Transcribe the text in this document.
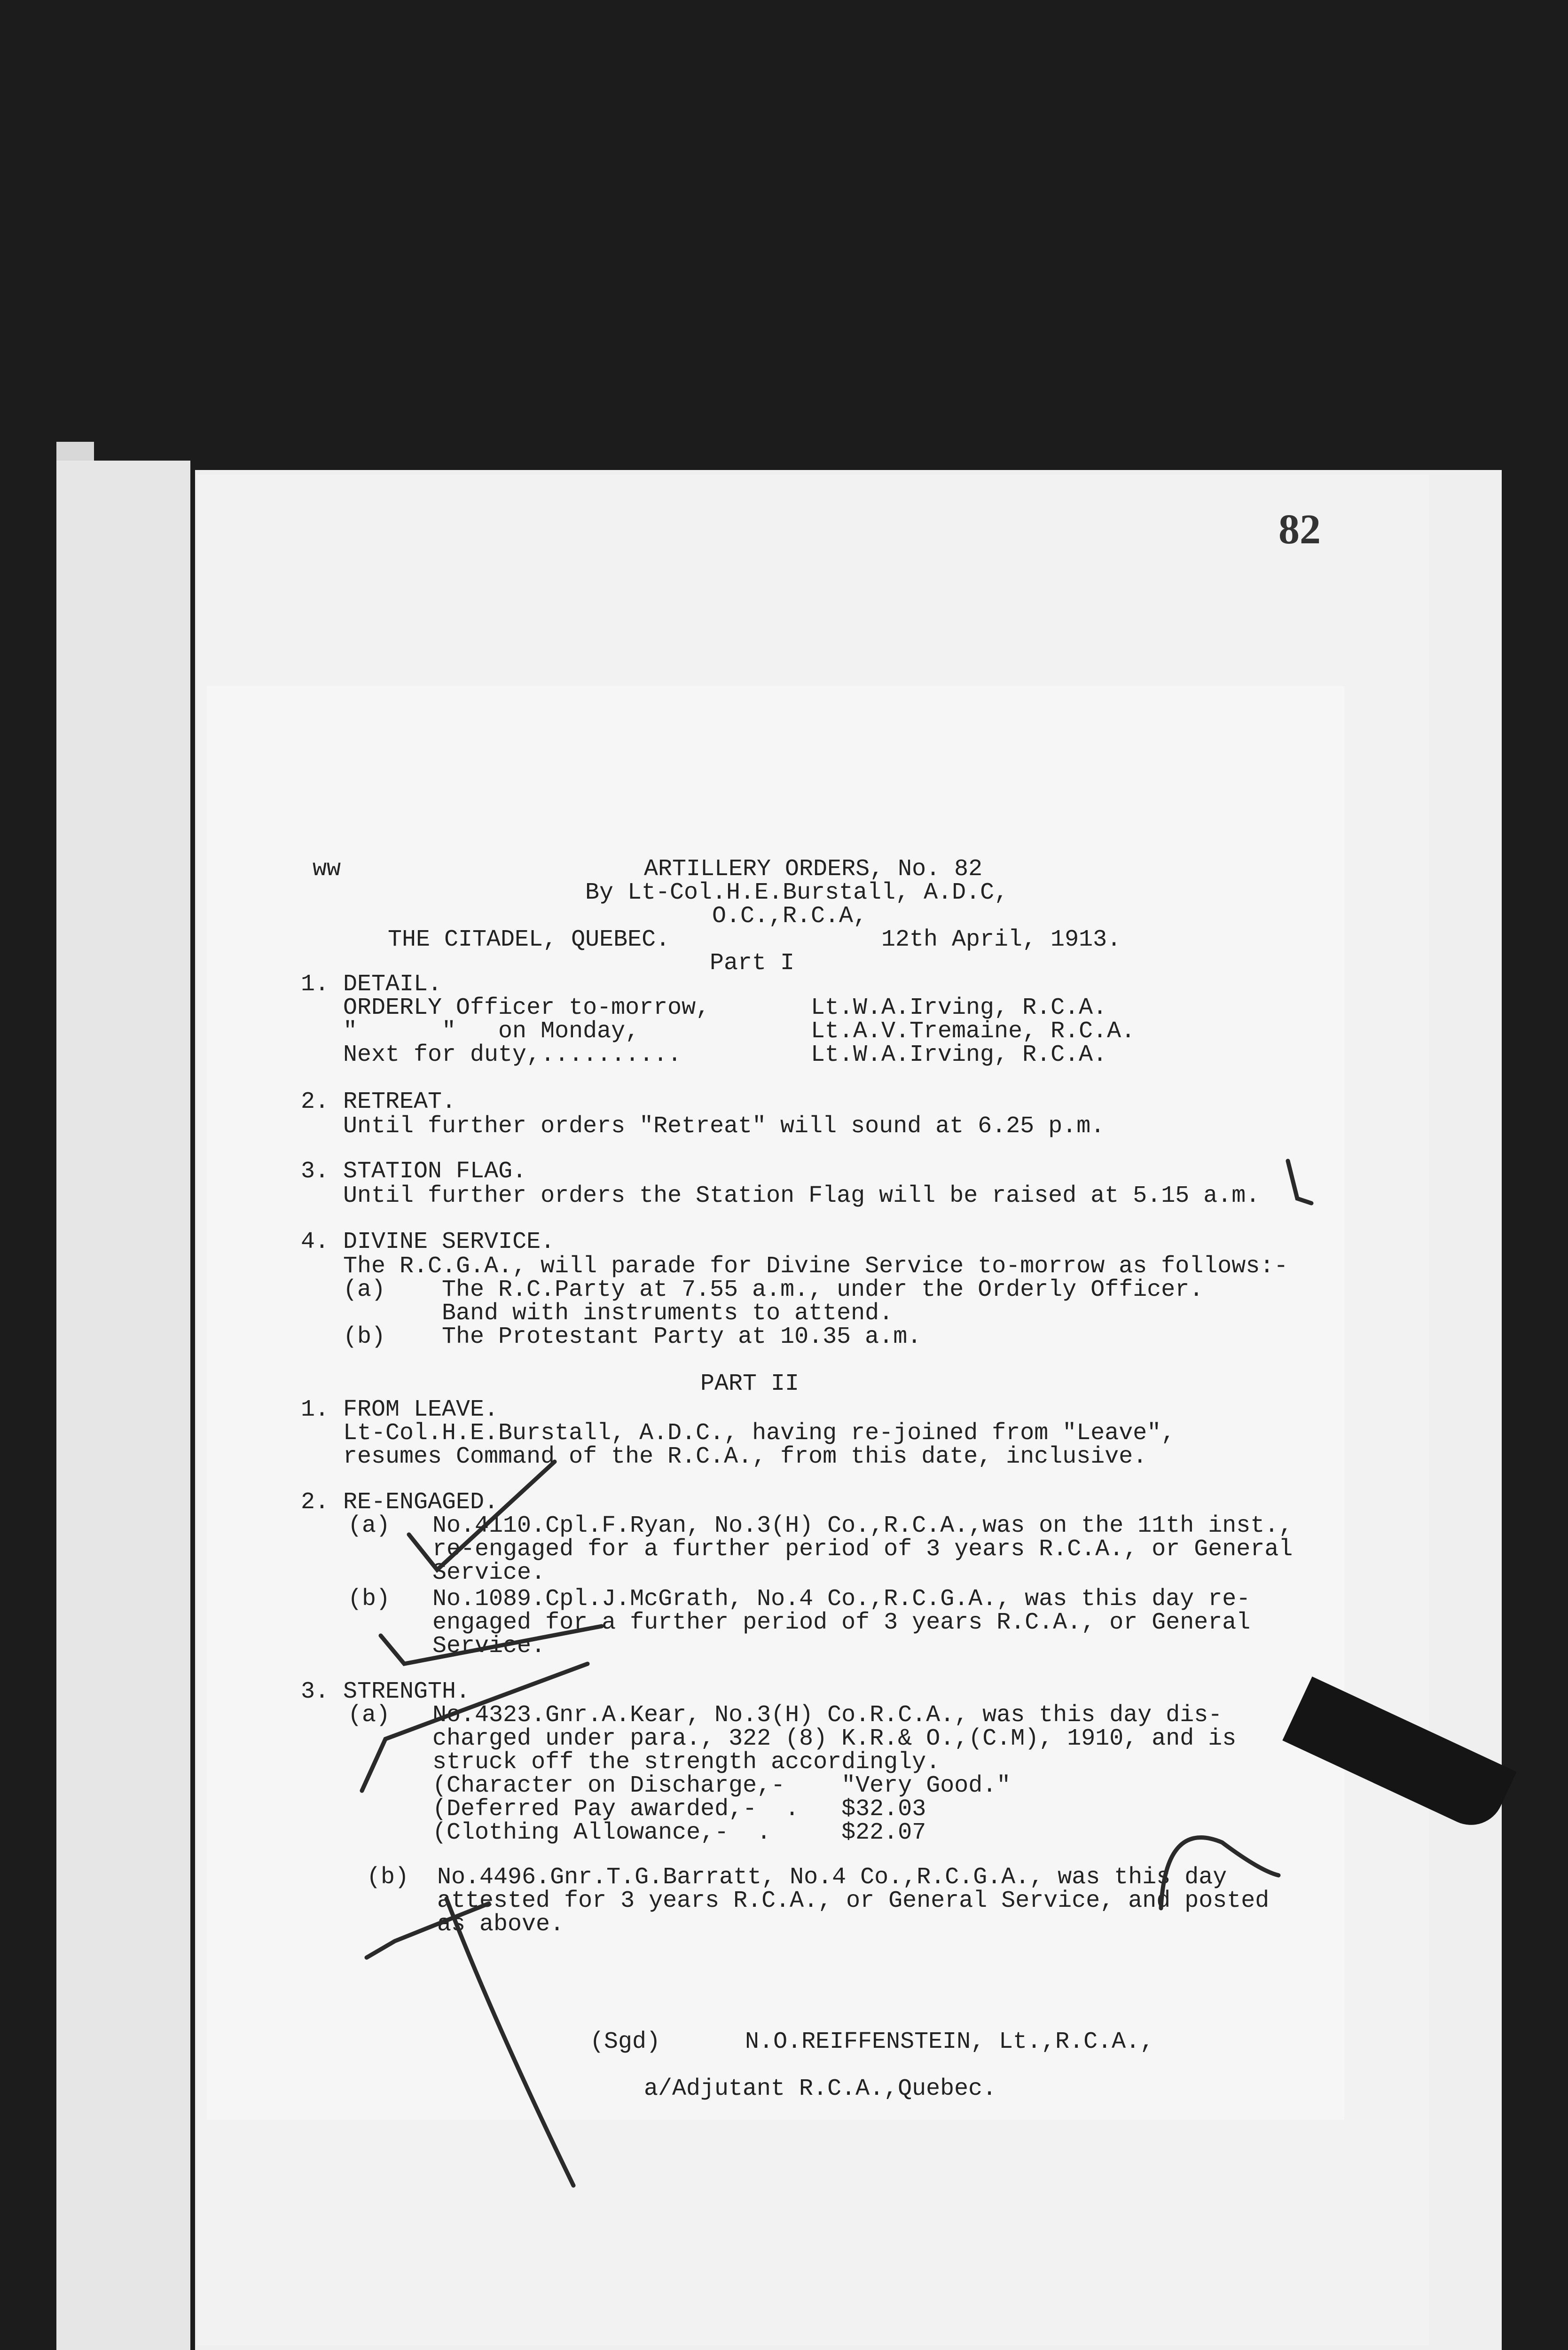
82
ww	ARTILLERY ORDERS, No. 82
By Lt-Col.H.E.Burstall, A.D.C,
O.C.,R.C.A,
THE CITADEL, QUEBEC.	12th April, 1913.
Part I
1. DETAIL.
ORDERLY Officer to-morrow,	Lt.W.A.Irving, R.C.A.
"      "   on Monday,	Lt.A.V.Tremaine, R.C.A.
Next for duty,..........	Lt.W.A.Irving, R.C.A.
2. RETREAT.
Until further orders "Retreat" will sound at 6.25 p.m.
3. STATION FLAG.
Until further orders the Station Flag will be raised at 5.15 a.m.
4. DIVINE SERVICE.
The R.C.G.A., will parade for Divine Service to-morrow as follows:-
(a)    The R.C.Party at 7.55 a.m., under the Orderly Officer.
Band with instruments to attend.
(b)    The Protestant Party at 10.35 a.m.
PART II
1. FROM LEAVE.
Lt-Col.H.E.Burstall, A.D.C., having re-joined from "Leave",
resumes Command of the R.C.A., from this date, inclusive.
2. RE-ENGAGED.
(a)   No.4110.Cpl.F.Ryan, No.3(H) Co.,R.C.A.,was on the 11th inst.,
re-engaged for a further period of 3 years R.C.A., or General
Service.
(b)   No.1089.Cpl.J.McGrath, No.4 Co.,R.C.G.A., was this day re-
engaged for a further period of 3 years R.C.A., or General
Service.
3. STRENGTH.
(a)   No.4323.Gnr.A.Kear, No.3(H) Co.R.C.A., was this day dis-
charged under para., 322 (8) K.R.& O.,(C.M), 1910, and is
struck off the strength accordingly.
(Character on Discharge,-    "Very Good."
(Deferred Pay awarded,-  .   $32.03
(Clothing Allowance,-  .     $22.07
(b)  No.4496.Gnr.T.G.Barratt, No.4 Co.,R.C.G.A., was this day
attested for 3 years R.C.A., or General Service, and posted
as above.
(Sgd)      N.O.REIFFENSTEIN, Lt.,R.C.A.,
a/Adjutant R.C.A.,Quebec.
